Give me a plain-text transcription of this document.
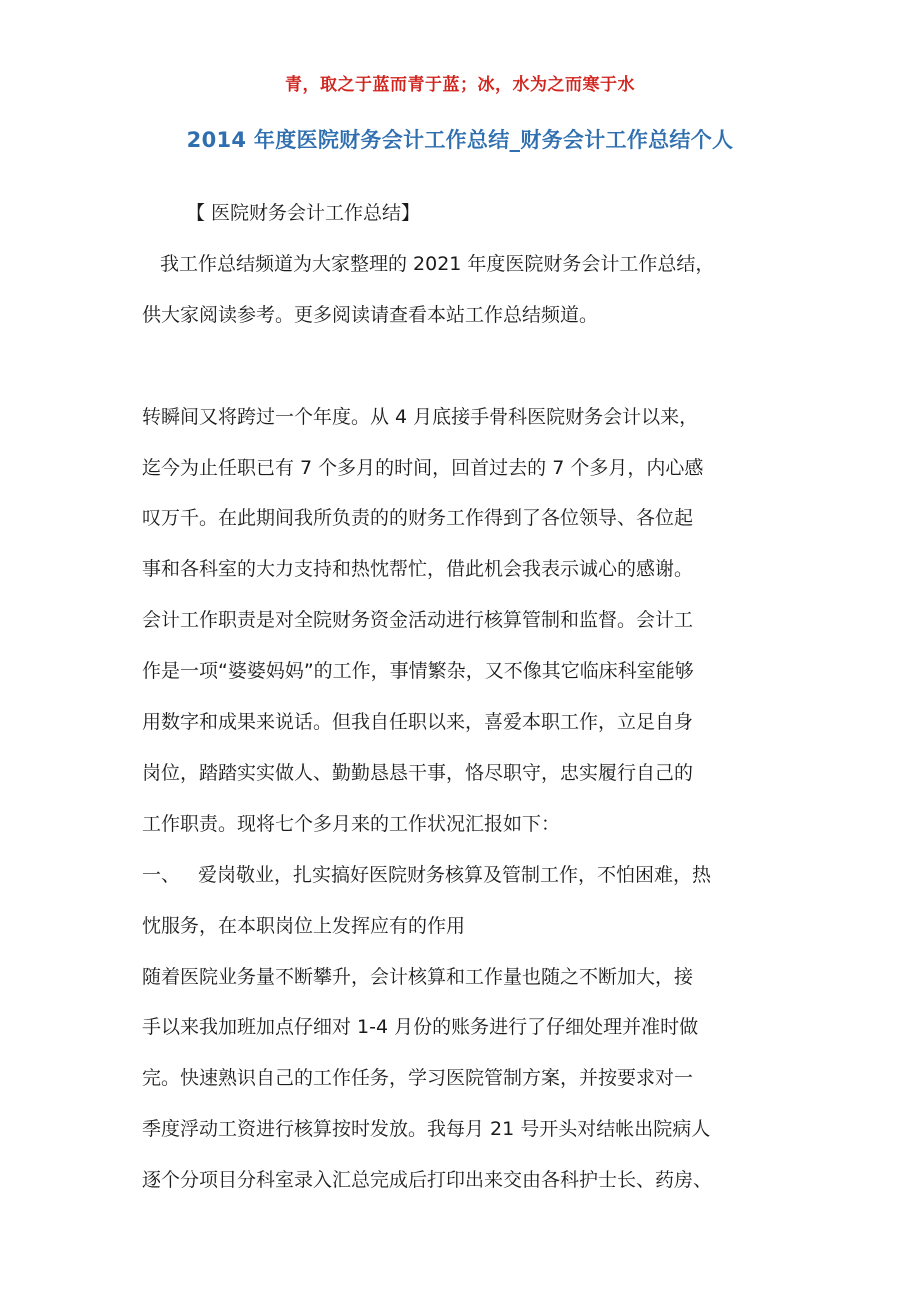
青，取之于蓝而青于蓝；冰，水为之而寒于水
2014 年度医院财务会计工作总结_财务会计工作总结个人

【 医院财务会计工作总结】

我工作总结频道为大家整理的 2021 年度医院财务会计工作总结，

供大家阅读参考。更多阅读请查看本站工作总结频道。

转瞬间又将跨过一个年度。从 4 月底接手骨科医院财务会计以来，

迄今为止任职已有 7 个多月的时间，回首过去的 7 个多月，内心感

叹万千。在此期间我所负责的的财务工作得到了各位领导、各位起

事和各科室的大力支持和热忱帮忙，借此机会我表示诚心的感谢。

会计工作职责是对全院财务资金活动进行核算管制和监督。会计工

作是一项“婆婆妈妈”的工作，事情繁杂，又不像其它临床科室能够

用数字和成果来说话。但我自任职以来，喜爱本职工作，立足自身

岗位，踏踏实实做人、勤勤恳恳干事，恪尽职守，忠实履行自己的

工作职责。现将七个多月来的工作状况汇报如下：

一、 爱岗敬业，扎实搞好医院财务核算及管制工作，不怕困难，热

忱服务，在本职岗位上发挥应有的作用

随着医院业务量不断攀升，会计核算和工作量也随之不断加大，接

手以来我加班加点仔细对 1-4 月份的账务进行了仔细处理并准时做

完。快速熟识自己的工作任务，学习医院管制方案，并按要求对一

季度浮动工资进行核算按时发放。我每月 21 号开头对结帐出院病人

逐个分项目分科室录入汇总完成后打印出来交由各科护士长、药房、
